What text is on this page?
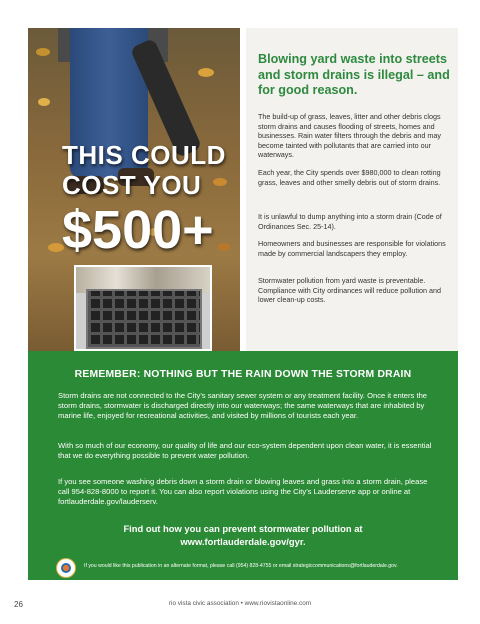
THIS COULD
COST YOU
$500+
Blowing yard waste into streets and storm drains is illegal – and for good reason.
The build-up of grass, leaves, litter and other debris clogs storm drains and causes flooding of streets, homes and businesses. Rain water filters through the debris and may become tainted with pollutants that are carried into our waterways.
Each year, the City spends over $980,000 to clean rotting grass, leaves and other smelly debris out of storm drains.
It is unlawful to dump anything into a storm drain (Code of Ordinances Sec. 25-14).
Homeowners and businesses are responsible for violations made by commercial landscapers they employ.
Stormwater pollution from yard waste is preventable. Compliance with City ordinances will reduce pollution and lower clean-up costs.
REMEMBER: NOTHING BUT THE RAIN DOWN THE STORM DRAIN
Storm drains are not connected to the City’s sanitary sewer system or any treatment facility. Once it enters the storm drains, stormwater is discharged directly into our waterways; the same waterways that are inhabited by marine life, enjoyed for recreational activities, and visited by millions of tourists each year.
With so much of our economy, our quality of life and our eco-system dependent upon clean water, it is essential that we do everything possible to prevent water pollution.
If you see someone washing debris down a storm drain or blowing leaves and grass into a storm drain, please call 954-828-8000 to report it. You can also report violations using the City's Lauderserve app or online at fortlauderdale.gov/lauderserv.
Find out how you can prevent stormwater pollution at
www.fortlauderdale.gov/gyr.
If you would like this publication in an alternate format, please call (954) 828-4755 or email strategiccommunications@fortlauderdale.gov.
rio vista civic association • www.riovistaonline.com
26
